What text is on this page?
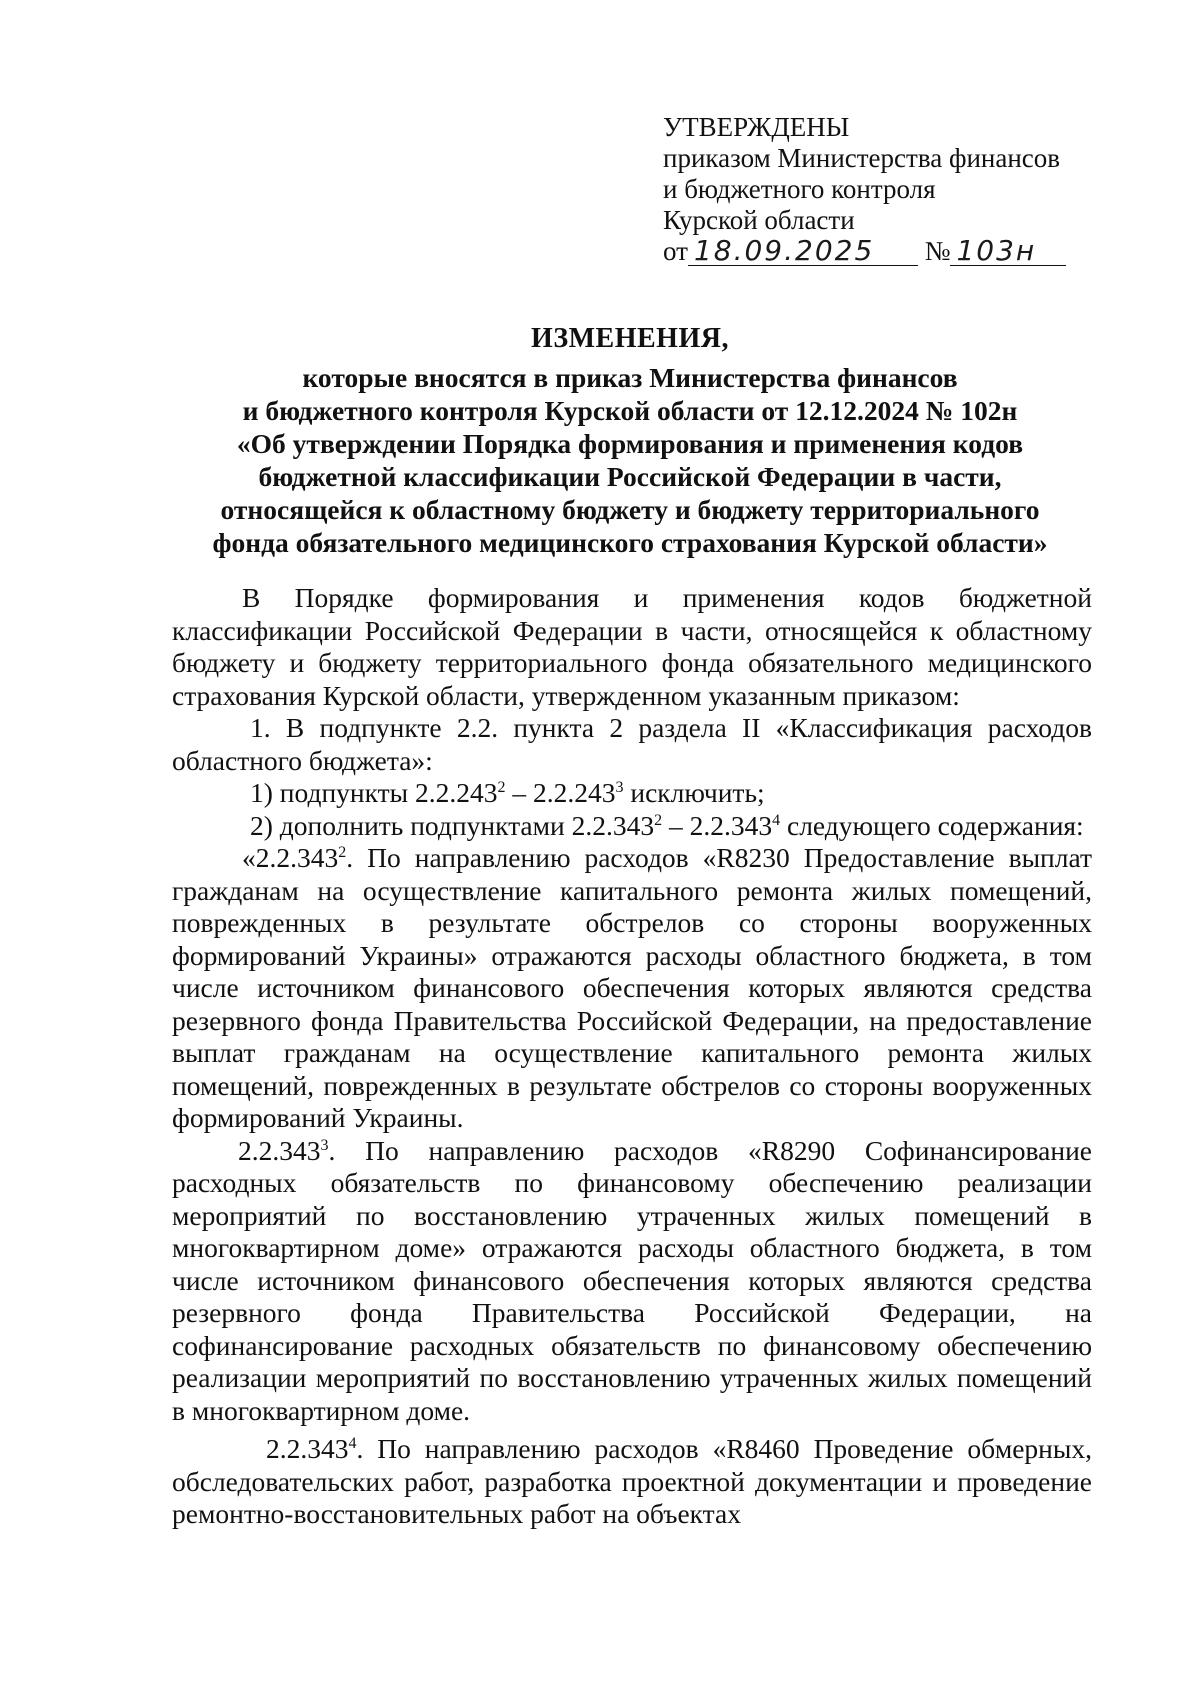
УТВЕРЖДЕНЫ
приказом Министерства финансов
и бюджетного контроля
Курской области
от 18.09.2025 № 103н
ИЗМЕНЕНИЯ,
которые вносятся в приказ Министерства финансов
и бюджетного контроля Курской области от 12.12.2024 № 102н
«Об утверждении Порядка формирования и применения кодов
бюджетной классификации Российской Федерации в части,
относящейся к областному бюджету и бюджету территориального
фонда обязательного медицинского страхования Курской области»

В Порядке формирования и применения кодов бюджетной классификации Российской Федерации в части, относящейся к областному бюджету и бюджету территориального фонда обязательного медицинского страхования Курской области, утвержденном указанным приказом:

1. В подпункте 2.2. пункта 2 раздела II «Классификация расходов областного бюджета»:

1) подпункты 2.2.243$^2$ – 2.2.243$^3$ исключить;

2) дополнить подпунктами 2.2.343$^2$ – 2.2.343$^4$ следующего содержания:

«2.2.343$^2$. По направлению расходов «R8230 Предоставление выплат гражданам на осуществление капитального ремонта жилых помещений, поврежденных в результате обстрелов со стороны вооруженных формирований Украины» отражаются расходы областного бюджета, в том числе источником финансового обеспечения которых являются средства резервного фонда Правительства Российской Федерации, на предоставление выплат гражданам на осуществление капитального ремонта жилых помещений, поврежденных в результате обстрелов со стороны вооруженных формирований Украины.

2.2.343$^3$. По направлению расходов «R8290 Софинансирование расходных обязательств по финансовому обеспечению реализации мероприятий по восстановлению утраченных жилых помещений в многоквартирном доме» отражаются расходы областного бюджета, в том числе источником финансового обеспечения которых являются средства резервного фонда Правительства Российской Федерации, на софинансирование расходных обязательств по финансовому обеспечению реализации мероприятий по восстановлению утраченных жилых помещений в многоквартирном доме.

2.2.343$^4$. По направлению расходов «R8460 Проведение обмерных, обследовательских работ, разработка проектной документации и проведение ремонтно-восстановительных работ на объектах
